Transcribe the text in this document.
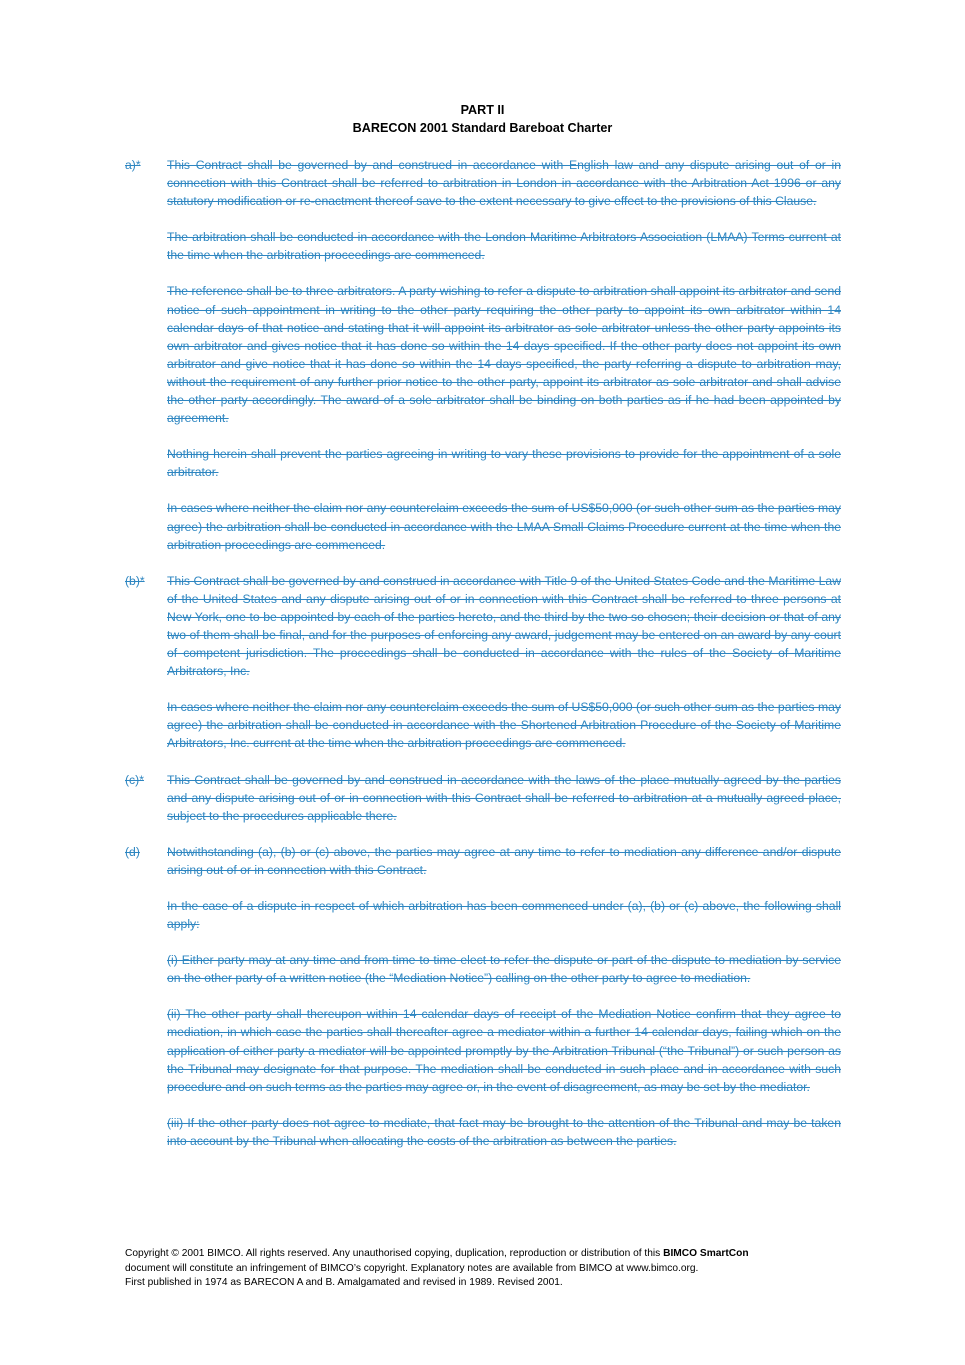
PART II
BARECON 2001 Standard Bareboat Charter
a)*	This Contract shall be governed by and construed in accordance with English law and any dispute arising out of or in connection with this Contract shall be referred to arbitration in London in accordance with the Arbitration Act 1996 or any statutory modification or re-enactment thereof save to the extent necessary to give effect to the provisions of this Clause.

The arbitration shall be conducted in accordance with the London Maritime Arbitrators Association (LMAA) Terms current at the time when the arbitration proceedings are commenced.

The reference shall be to three arbitrators. A party wishing to refer a dispute to arbitration shall appoint its arbitrator and send notice of such appointment in writing to the other party requiring the other party to appoint its own arbitrator within 14 calendar days of that notice and stating that it will appoint its arbitrator as sole arbitrator unless the other party appoints its own arbitrator and gives notice that it has done so within the 14 days specified. If the other party does not appoint its own arbitrator and give notice that it has done so within the 14 days specified, the party referring a dispute to arbitration may, without the requirement of any further prior notice to the other party, appoint its arbitrator as sole arbitrator and shall advise the other party accordingly. The award of a sole arbitrator shall be binding on both parties as if he had been appointed by agreement.

Nothing herein shall prevent the parties agreeing in writing to vary these provisions to provide for the appointment of a sole arbitrator.

In cases where neither the claim nor any counterclaim exceeds the sum of US$50,000 (or such other sum as the parties may agree) the arbitration shall be conducted in accordance with the LMAA Small Claims Procedure current at the time when the arbitration proceedings are commenced.

(b)*	This Contract shall be governed by and construed in accordance with Title 9 of the United States Code and the Maritime Law of the United States and any dispute arising out of or in connection with this Contract shall be referred to three persons at New York, one to be appointed by each of the parties hereto, and the third by the two so chosen; their decision or that of any two of them shall be final, and for the purposes of enforcing any award, judgement may be entered on an award by any court of competent jurisdiction. The proceedings shall be conducted in accordance with the rules of the Society of Maritime Arbitrators, Inc.

In cases where neither the claim nor any counterclaim exceeds the sum of US$50,000 (or such other sum as the parties may agree) the arbitration shall be conducted in accordance with the Shortened Arbitration Procedure of the Society of Maritime Arbitrators, Inc. current at the time when the arbitration proceedings are commenced.

(c)*	This Contract shall be governed by and construed in accordance with the laws of the place mutually agreed by the parties and any dispute arising out of or in connection with this Contract shall be referred to arbitration at a mutually agreed place, subject to the procedures applicable there.

(d)	Notwithstanding (a), (b) or (c) above, the parties may agree at any time to refer to mediation any difference and/or dispute arising out of or in connection with this Contract.

In the case of a dispute in respect of which arbitration has been commenced under (a), (b) or (c) above, the following shall apply:

(i) Either party may at any time and from time to time elect to refer the dispute or part of the dispute to mediation by service on the other party of a written notice (the “Mediation Notice”) calling on the other party to agree to mediation.

(ii) The other party shall thereupon within 14 calendar days of receipt of the Mediation Notice confirm that they agree to mediation, in which case the parties shall thereafter agree a mediator within a further 14 calendar days, failing which on the application of either party a mediator will be appointed promptly by the Arbitration Tribunal (“the Tribunal”) or such person as the Tribunal may designate for that purpose. The mediation shall be conducted in such place and in accordance with such procedure and on such terms as the parties may agree or, in the event of disagreement, as may be set by the mediator.

(iii) If the other party does not agree to mediate, that fact may be brought to the attention of the Tribunal and may be taken into account by the Tribunal when allocating the costs of the arbitration as between the parties.

Copyright © 2001 BIMCO. All rights reserved. Any unauthorised copying, duplication, reproduction or distribution of this BIMCO SmartCon
document will constitute an infringement of BIMCO’s copyright. Explanatory notes are available from BIMCO at www.bimco.org.
First published in 1974 as BARECON A and B. Amalgamated and revised in 1989. Revised 2001.
